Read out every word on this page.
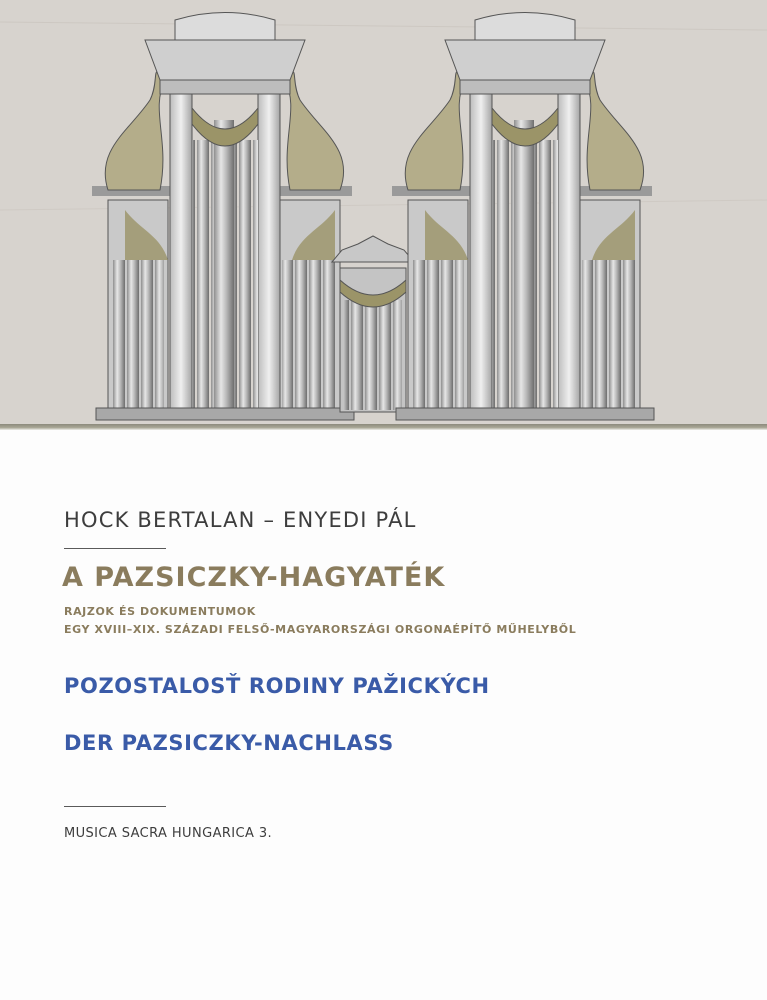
HOCK BERTALAN – ENYEDI PÁL
A PAZSICZKY-HAGYATÉK
RAJZOK ÉS DOKUMENTUMOK
EGY XVIII–XIX. SZÁZADI FELSŐ-MAGYARORSZÁGI ORGONAÉPÍTŐ MŰHELYBŐL
POZOSTALOSŤ RODINY PAŽICKÝCH
DER PAZSICZKY-NACHLASS
MUSICA SACRA HUNGARICA 3.
